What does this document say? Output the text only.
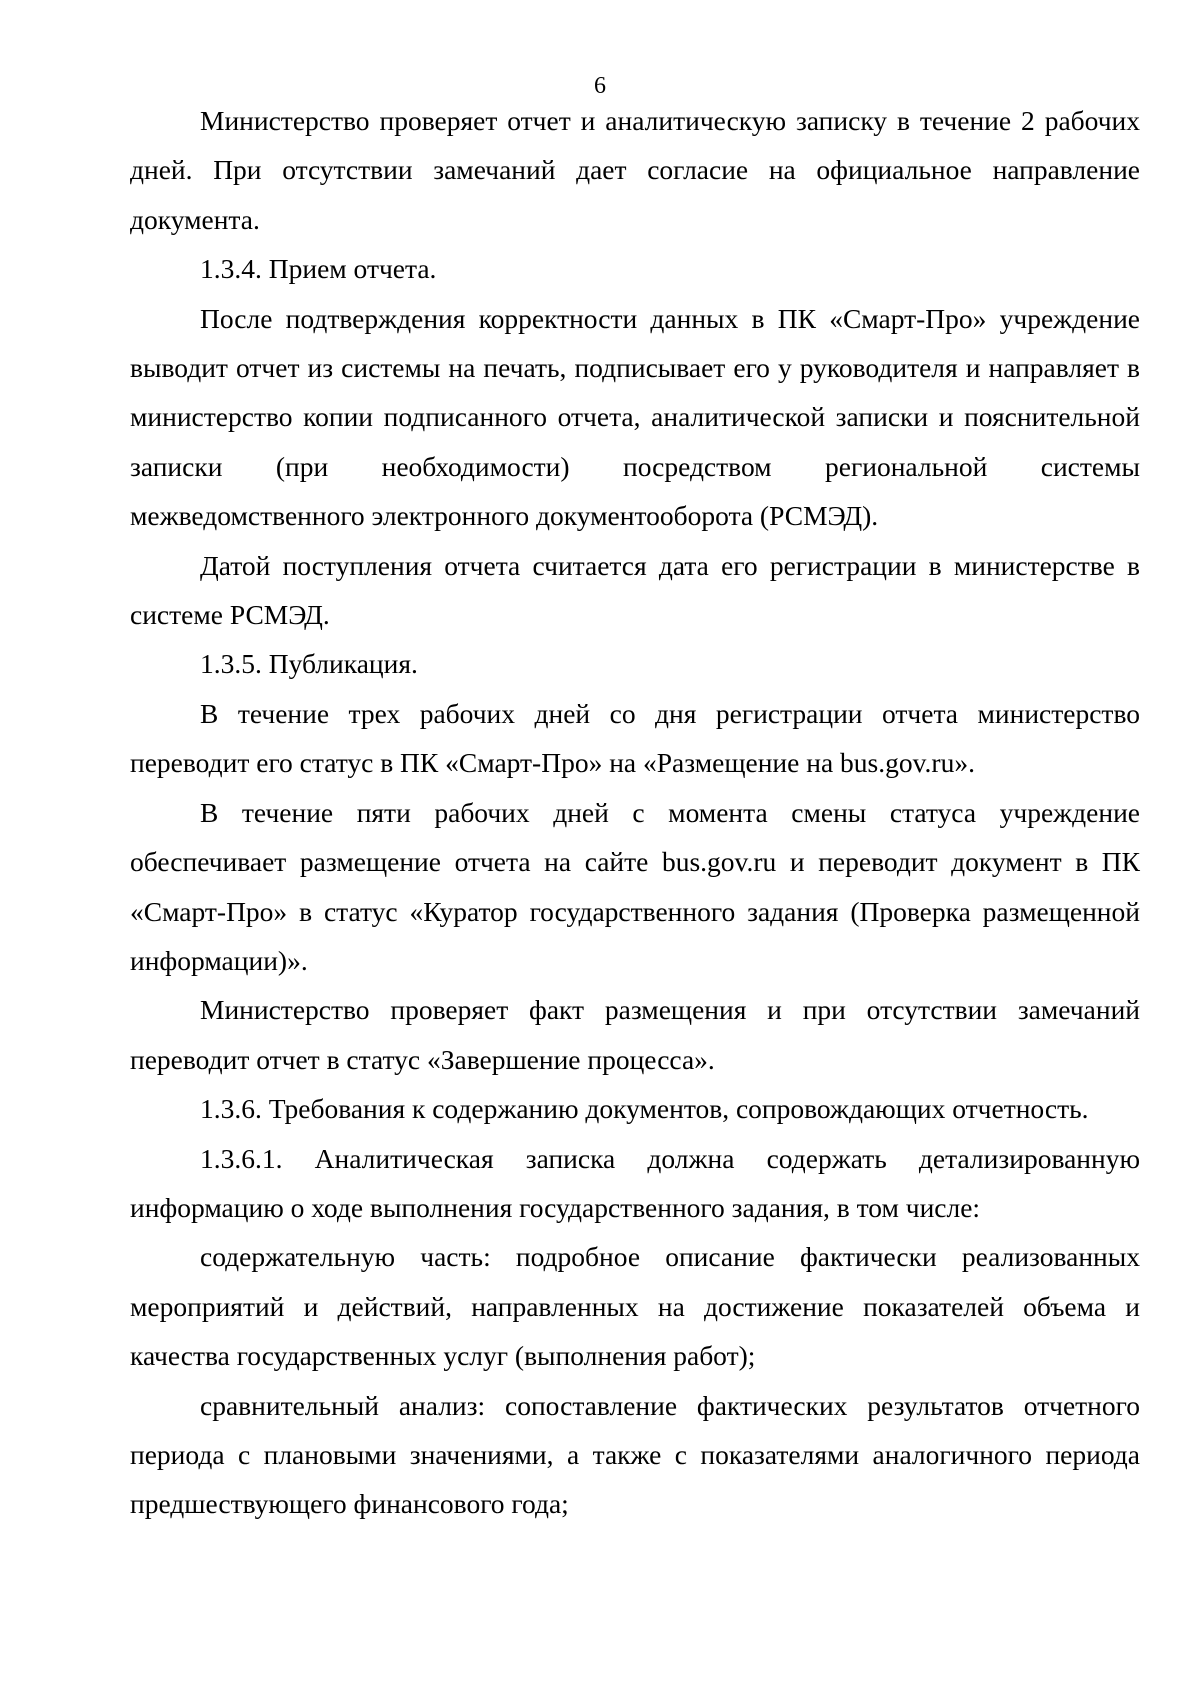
6

Министерство проверяет отчет и аналитическую записку в течение 2 рабочих дней. При отсутствии замечаний дает согласие на официальное направление документа.

1.3.4. Прием отчета.

После подтверждения корректности данных в ПК «Смарт-Про» учреждение выводит отчет из системы на печать, подписывает его у руководителя и направляет в министерство копии подписанного отчета, аналитической записки и пояснительной записки (при необходимости) посредством региональной системы межведомственного электронного документооборота (РСМЭД).

Датой поступления отчета считается дата его регистрации в министерстве в системе РСМЭД.

1.3.5. Публикация.

В течение трех рабочих дней со дня регистрации отчета министерство переводит его статус в ПК «Смарт-Про» на «Размещение на bus.gov.ru».

В течение пяти рабочих дней с момента смены статуса учреждение обеспечивает размещение отчета на сайте bus.gov.ru и переводит документ в ПК «Смарт-Про» в статус «Куратор государственного задания (Проверка размещенной информации)».

Министерство проверяет факт размещения и при отсутствии замечаний переводит отчет в статус «Завершение процесса».

1.3.6. Требования к содержанию документов, сопровождающих отчетность.

1.3.6.1. Аналитическая записка должна содержать детализированную информацию о ходе выполнения государственного задания, в том числе:

содержательную часть: подробное описание фактически реализованных мероприятий и действий, направленных на достижение показателей объема и качества государственных услуг (выполнения работ);

сравнительный анализ: сопоставление фактических результатов отчетного периода с плановыми значениями, а также с показателями аналогичного периода предшествующего финансового года;
